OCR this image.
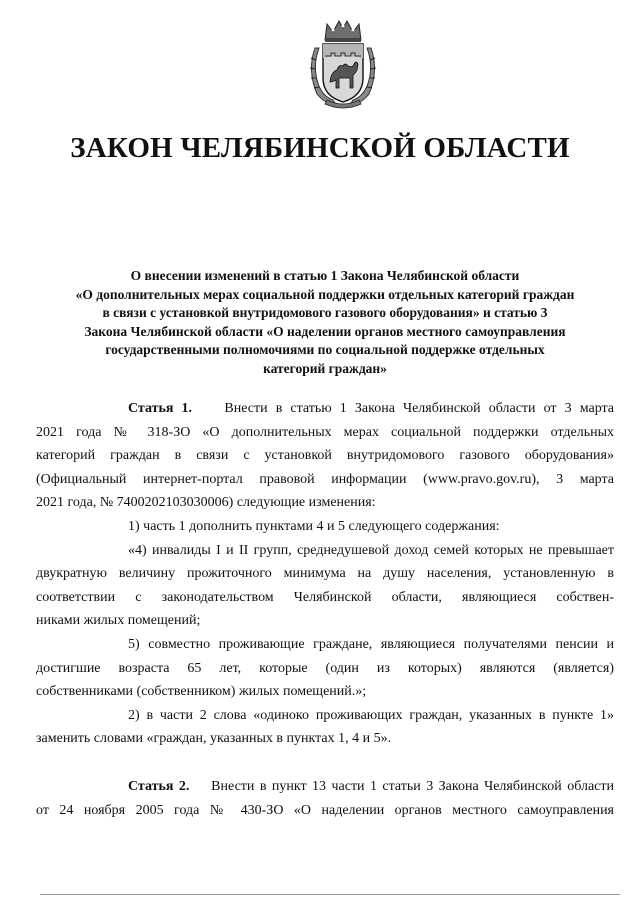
ЗАКОН ЧЕЛЯБИНСКОЙ ОБЛАСТИ
О внесении изменений в статью 1 Закона Челябинской области
«О дополнительных мерах социальной поддержки отдельных категорий граждан
в связи с установкой внутридомового газового оборудования» и статью 3
Закона Челябинской области «О наделении органов местного самоуправления
государственными полномочиями по социальной поддержке отдельных
категорий граждан»
Статья 1. Внести в статью 1 Закона Челябинской области от 3 марта
2021 года № 318-ЗО «О дополнительных мерах социальной поддержки отдельных
категорий граждан в связи с установкой внутридомового газового оборудования»
(Официальный интернет-портал правовой информации (www.pravo.gov.ru), 3 марта
2021 года, № 7400202103030006) следующие изменения:
1) часть 1 дополнить пунктами 4 и 5 следующего содержания:
«4) инвалиды I и II групп, среднедушевой доход семей которых не превышает
двукратную величину прожиточного минимума на душу населения, установленную в
соответствии с законодательством Челябинской области, являющиеся собствен-
никами жилых помещений;
5) совместно проживающие граждане, являющиеся получателями пенсии и
достигшие возраста 65 лет, которые (один из которых) являются (является)
собственниками (собственником) жилых помещений.»;
2) в части 2 слова «одиноко проживающих граждан, указанных в пункте 1»
заменить словами «граждан, указанных в пунктах 1, 4 и 5».
Статья 2. Внести в пункт 13 части 1 статьи 3 Закона Челябинской области
от 24 ноября 2005 года № 430-ЗО «О наделении органов местного самоуправления
